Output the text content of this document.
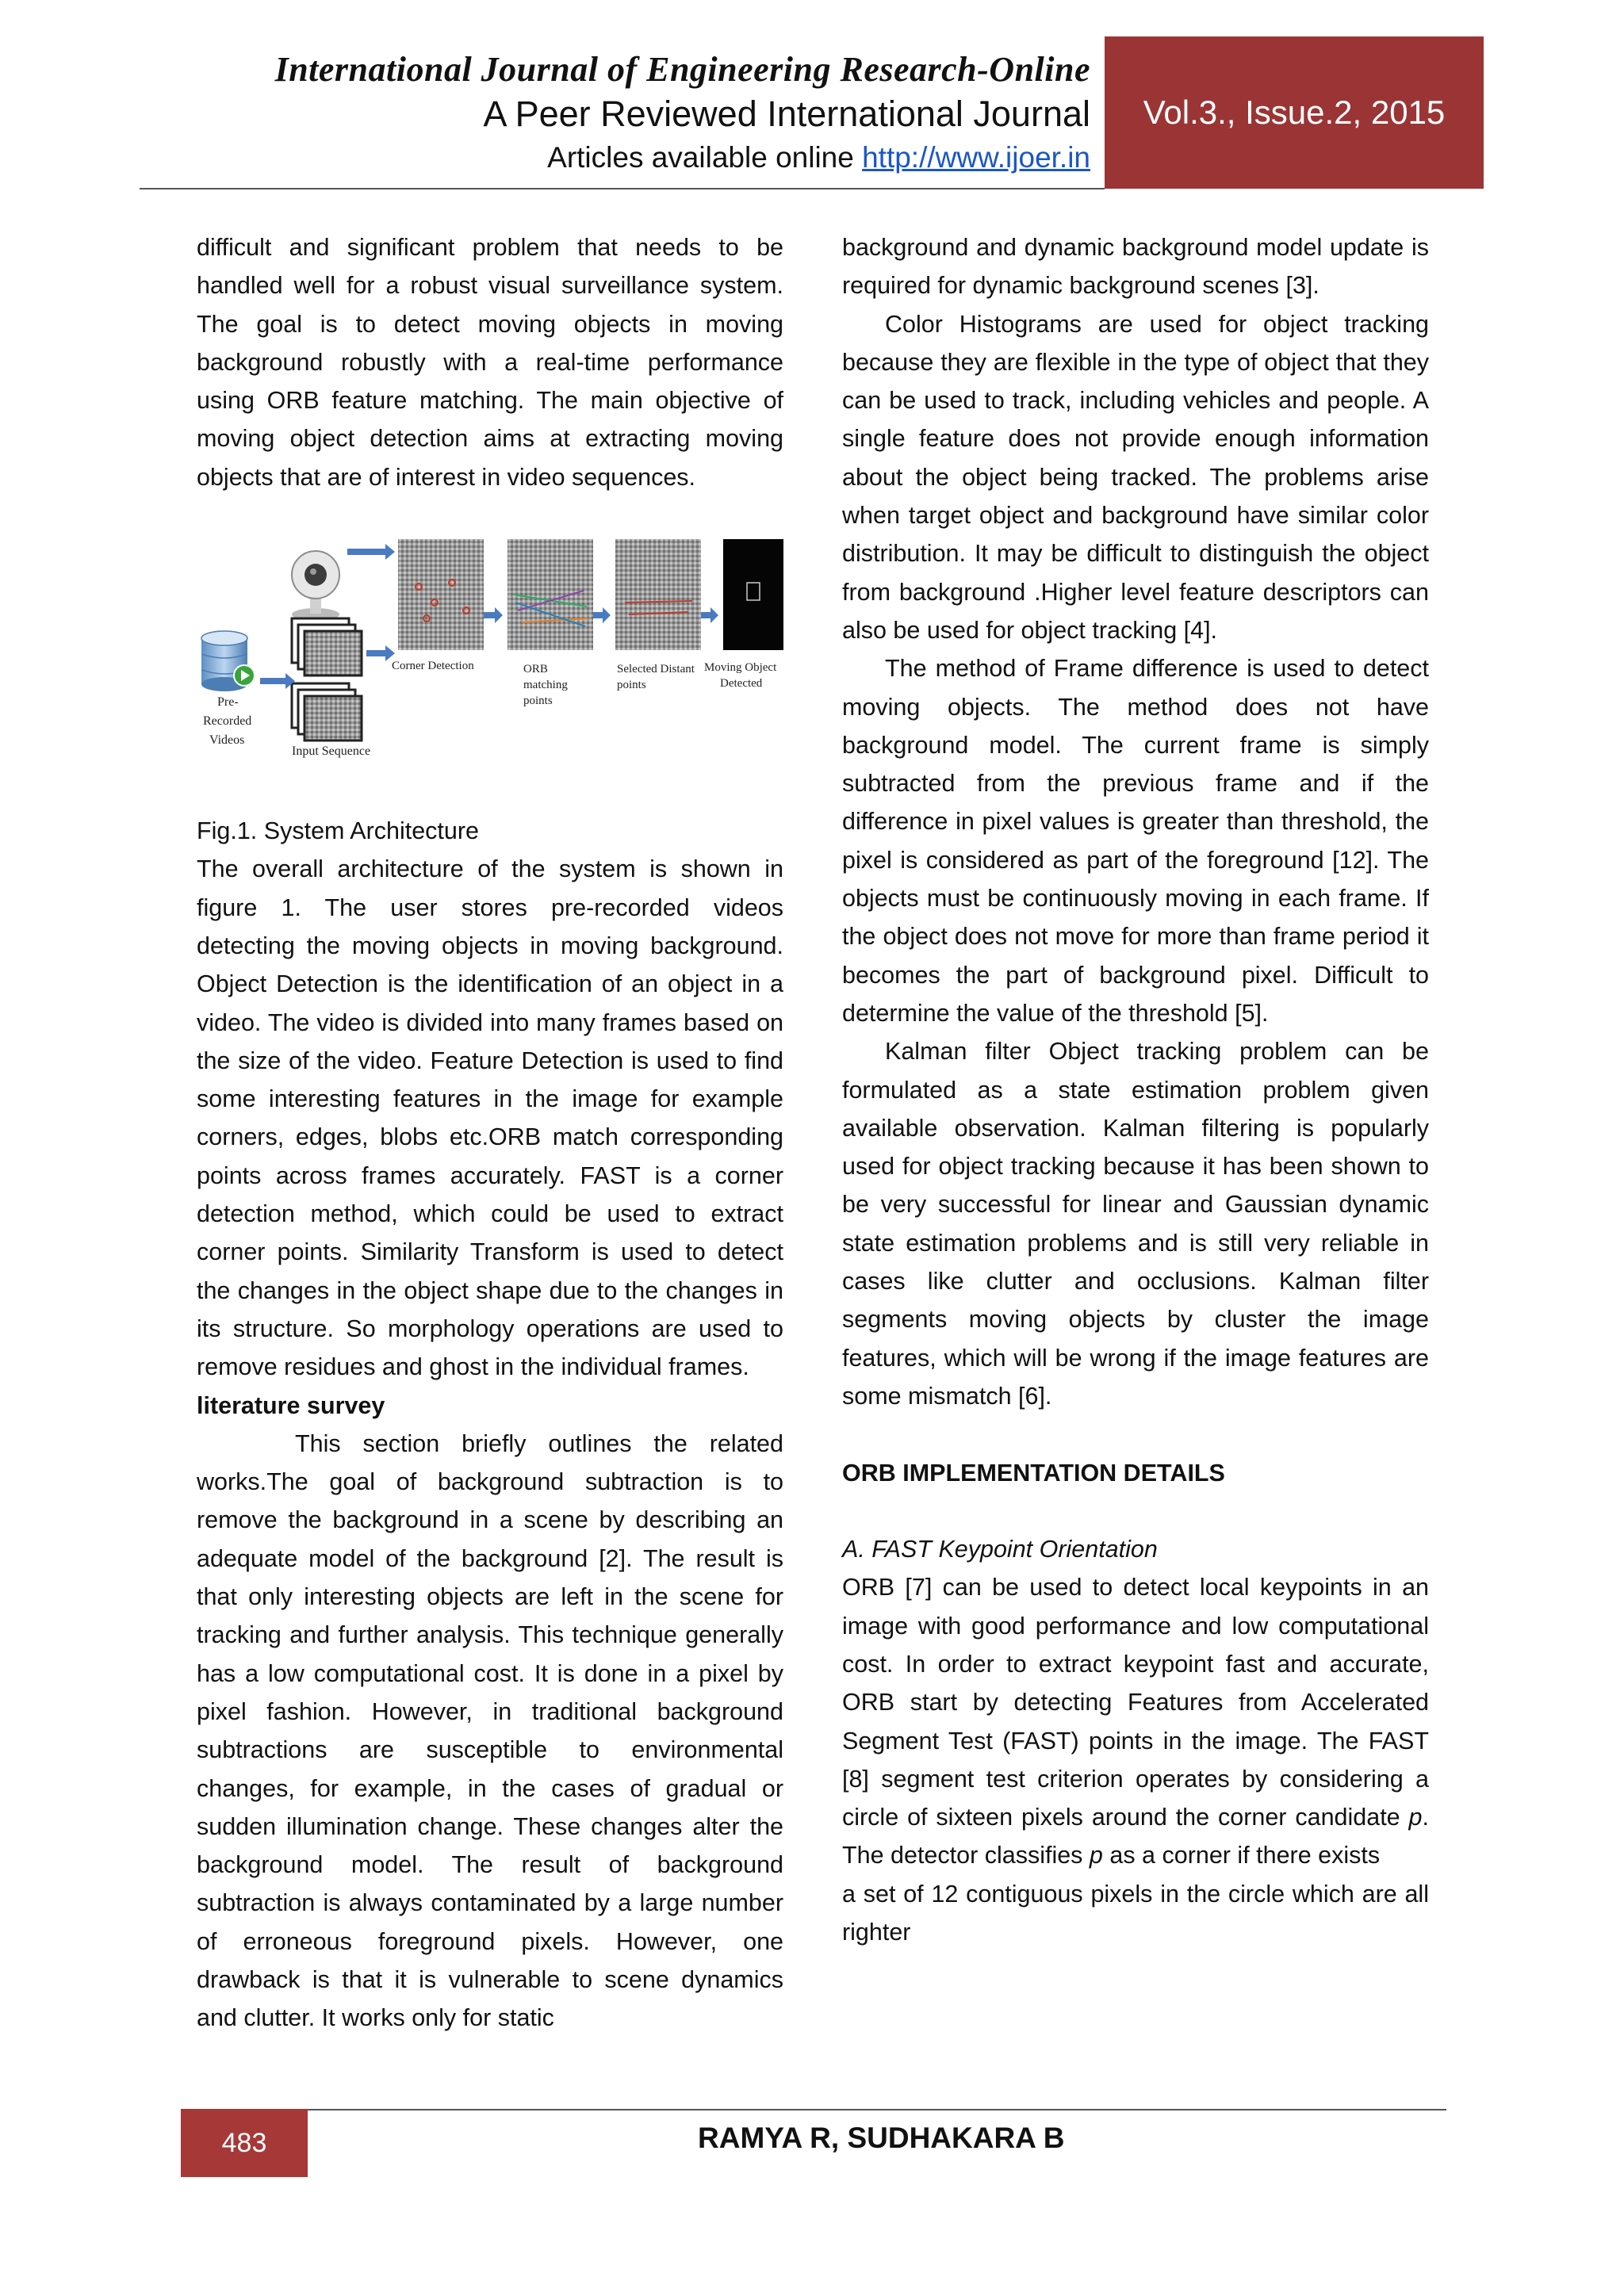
International Journal of Engineering Research-Online
A Peer Reviewed International Journal
Articles available online http://www.ijoer.in
Vol.3., Issue.2, 2015

difficult and significant problem that needs to be handled well for a robust visual surveillance system. The goal is to detect moving objects in moving background robustly with a real-time performance using ORB feature matching. The main objective of moving object detection aims at extracting moving objects that are of interest in video sequences.

Pre-
Recorded
Videos
Input Sequence
Corner Detection	ORB
matching
points
Selected Distant
points
Moving Object
Detected

Fig.1. System Architecture

The overall architecture of the system is shown in figure 1. The user stores pre-recorded videos detecting the moving objects in moving background. Object Detection is the identification of an object in a video. The video is divided into many frames based on the size of the video. Feature Detection is used to find some interesting features in the image for example corners, edges, blobs etc.ORB match corresponding points across frames accurately. FAST is a corner detection method, which could be used to extract corner points. Similarity Transform is used to detect the changes in the object shape due to the changes in its structure. So morphology operations are used to remove residues and ghost in the individual frames.

literature survey

This section briefly outlines the related works.The goal of background subtraction is to remove the background in a scene by describing an adequate model of the background [2]. The result is that only interesting objects are left in the scene for tracking and further analysis. This technique generally has a low computational cost. It is done in a pixel by pixel fashion. However, in traditional background subtractions are susceptible to environmental changes, for example, in the cases of gradual or sudden illumination change. These changes alter the background model. The result of background subtraction is always contaminated by a large number of erroneous foreground pixels. However, one drawback is that it is vulnerable to scene dynamics and clutter. It works only for static

background and dynamic background model update is required for dynamic background scenes [3].

Color Histograms are used for object tracking because they are flexible in the type of object that they can be used to track, including vehicles and people. A single feature does not provide enough information about the object being tracked. The problems arise when target object and background have similar color distribution. It may be difficult to distinguish the object from background .Higher level feature descriptors can also be used for object tracking [4].

The method of Frame difference is used to detect moving objects. The method does not have background model. The current frame is simply subtracted from the previous frame and if the difference in pixel values is greater than threshold, the pixel is considered as part of the foreground [12]. The objects must be continuously moving in each frame. If the object does not move for more than frame period it becomes the part of background pixel. Difficult to determine the value of the threshold [5].

Kalman filter Object tracking problem can be formulated as a state estimation problem given available observation. Kalman filtering is popularly used for object tracking because it has been shown to be very successful for linear and Gaussian dynamic state estimation problems and is still very reliable in cases like clutter and occlusions. Kalman filter segments moving objects by cluster the image features, which will be wrong if the image features are some mismatch [6].

ORB IMPLEMENTATION DETAILS

A. FAST Keypoint Orientation

ORB [7] can be used to detect local keypoints in an image with good performance and low computational cost. In order to extract keypoint fast and accurate, ORB start by detecting Features from Accelerated Segment Test (FAST) points in the image. The FAST [8] segment test criterion operates by considering a circle of sixteen pixels around the corner candidate p. The detector classifies p as a corner if there exists

a set of 12 contiguous pixels in the circle which are all righter

483	RAMYA R, SUDHAKARA B
